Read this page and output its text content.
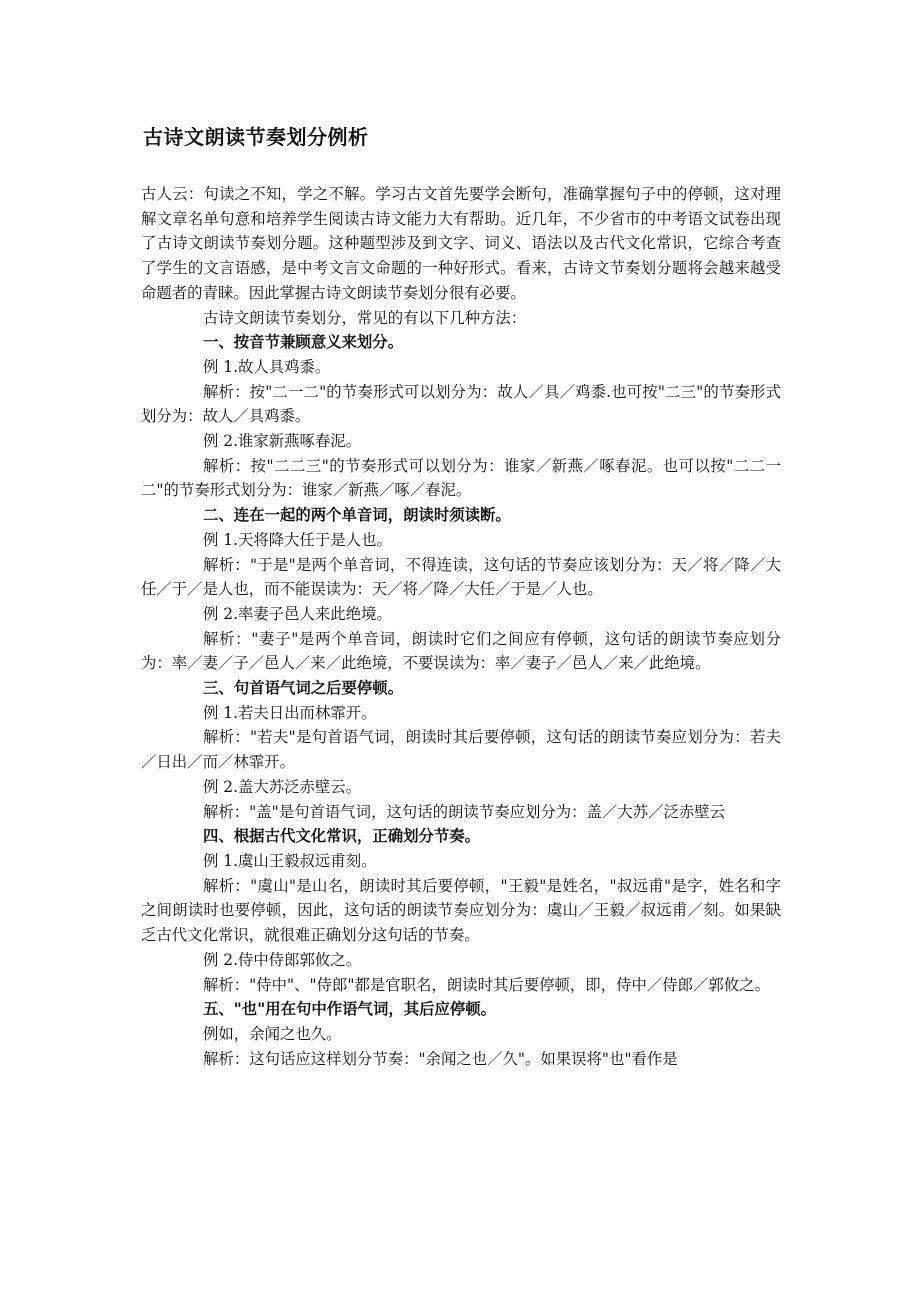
古诗文朗读节奏划分例析

古人云：句读之不知，学之不解。学习古文首先要学会断句，准确掌握句子中的停顿，这对理解文章名单句意和培养学生阅读古诗文能力大有帮助。近几年，不少省市的中考语文试卷出现了古诗文朗读节奏划分题。这种题型涉及到文字、词义、语法以及古代文化常识，它综合考查了学生的文言语感，是中考文言文命题的一种好形式。看来，古诗文节奏划分题将会越来越受命题者的青睐。因此掌握古诗文朗读节奏划分很有必要。

古诗文朗读节奏划分，常见的有以下几种方法：

一、按音节兼顾意义来划分。

例 1.故人具鸡黍。

解析：按"二一二"的节奏形式可以划分为：故人／具／鸡黍.也可按"二三"的节奏形式划分为：故人／具鸡黍。

例 2.谁家新燕啄春泥。

解析：按"二二三"的节奏形式可以划分为：谁家／新燕／啄春泥。也可以按"二二一二"的节奏形式划分为：谁家／新燕／啄／春泥。

二、连在一起的两个单音词，朗读时须读断。

例 1.天将降大任于是人也。

解析："于是"是两个单音词，不得连读，这句话的节奏应该划分为：天／将／降／大任／于／是人也，而不能误读为：天／将／降／大任／于是／人也。

例 2.率妻子邑人来此绝境。

解析："妻子"是两个单音词，朗读时它们之间应有停顿，这句话的朗读节奏应划分为：率／妻／子／邑人／来／此绝境，不要误读为：率／妻子／邑人／来／此绝境。

三、句首语气词之后要停顿。

例 1.若夫日出而林霏开。

解析："若夫"是句首语气词，朗读时其后要停顿，这句话的朗读节奏应划分为：若夫／日出／而／林霏开。

例 2.盖大苏泛赤壁云。

解析："盖"是句首语气词，这句话的朗读节奏应划分为：盖／大苏／泛赤壁云

四、根据古代文化常识，正确划分节奏。

例 1.虞山王毅叔远甫刻。

解析："虞山"是山名，朗读时其后要停顿，"王毅"是姓名，"叔远甫"是字，姓名和字之间朗读时也要停顿，因此，这句话的朗读节奏应划分为：虞山／王毅／叔远甫／刻。如果缺乏古代文化常识，就很难正确划分这句话的节奏。

例 2.侍中侍郎郭攸之。

解析："侍中"、"侍郎"都是官职名，朗读时其后要停顿，即，侍中／侍郎／郭攸之。

五、"也"用在句中作语气词，其后应停顿。

例如，余闻之也久。

解析：这句话应这样划分节奏："余闻之也／久"。如果误将"也"看作是
